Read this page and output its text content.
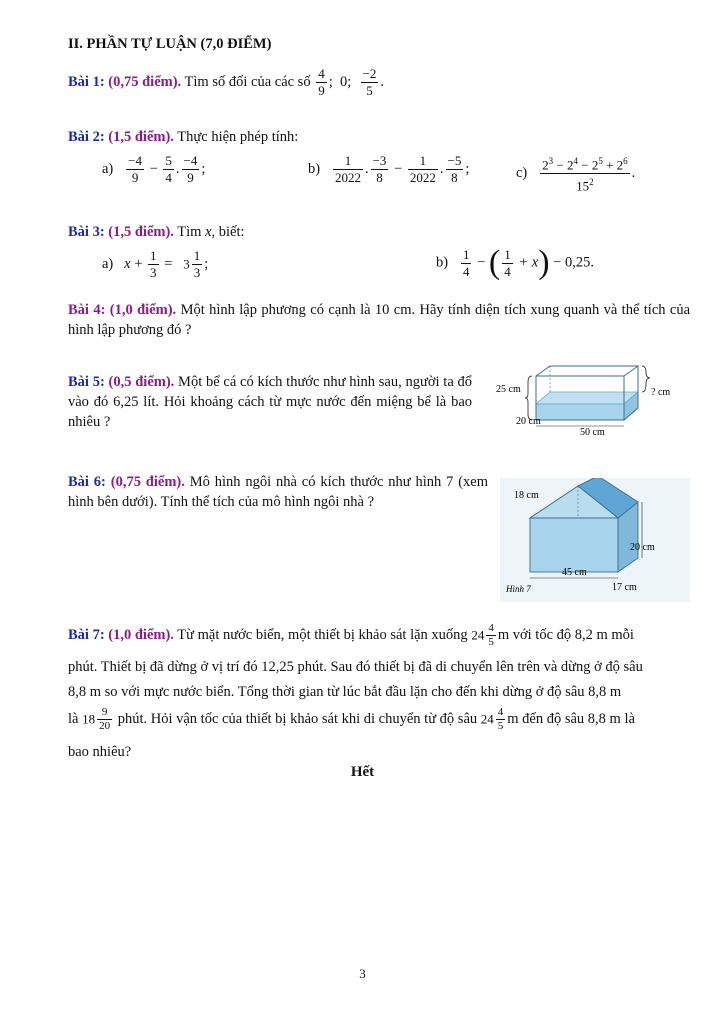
II. PHẦN TỰ LUẬN (7,0 ĐIỂM)
Bài 1: (0,75 điểm). Tìm số đối của các số $\frac{4}{9}$ ; 0; $\frac{-2}{5}$ .
Bài 2: (1,5 điểm). Thực hiện phép tính:
$a) \frac{-4}{9} - \frac{5}{4}$ . $\frac{-4}{9}$ ;	$b) \frac{1}{2022}$ . $\frac{-3}{8} - \frac{1}{2022}$ . $\frac{-5}{8}$ ;	$c) \frac{2^3 - 2^4 - 2^5 + 2^6}{15^2}$ .
Bài 3: (1,5 điểm). Tìm x, biết:
a) $x + \frac{1}{3} = 3 \frac{1}{3}$ ;	$b) \frac{1}{4}$ − ( $\frac{1}{4} + x) - 0,25$.
Bài 4: (1,0 điểm). Một hình lập phương có cạnh là 10 cm. Hãy tính diện tích xung quanh và thể tích của hình lập phương đó ?
Bài 5: (0,5 điểm). Một bể cá có kích thước như hình sau, người ta đổ vào đó 6,25 lít. Hỏi khoảng cách từ mực nước đến miệng bể là bao nhiêu ?
25 cm	? cm
20 cm
50 cm
Bài 6: (0,75 điểm). Mô hình ngôi nhà có kích thước như hình 7 (xem hình bên dưới). Tính thể tích của mô hình ngôi nhà ?	18 cm
20 cm
45 cm
17 cm
Hình 7
Bài 7: (1,0 điểm). Từ mặt nước biển, một thiết bị khảo sát lặn xuống $24 \frac{4}{5}$ m với tốc độ 8,2 m mỗi
phút. Thiết bị đã dừng ở vị trí đó 12,25 phút. Sau đó thiết bị đã di chuyển lên trên và dừng ở độ sâu
8,8 m so với mực nước biển. Tổng thời gian từ lúc bắt đầu lặn cho đến khi dừng ở độ sâu 8,8 m
là $18 \frac{9}{20}$ phút. Hỏi vận tốc của thiết bị khảo sát khi di chuyển từ độ sâu $24 \frac{4}{5}$ m đến độ sâu 8,8 m là
bao nhiêu?
Hết
3
